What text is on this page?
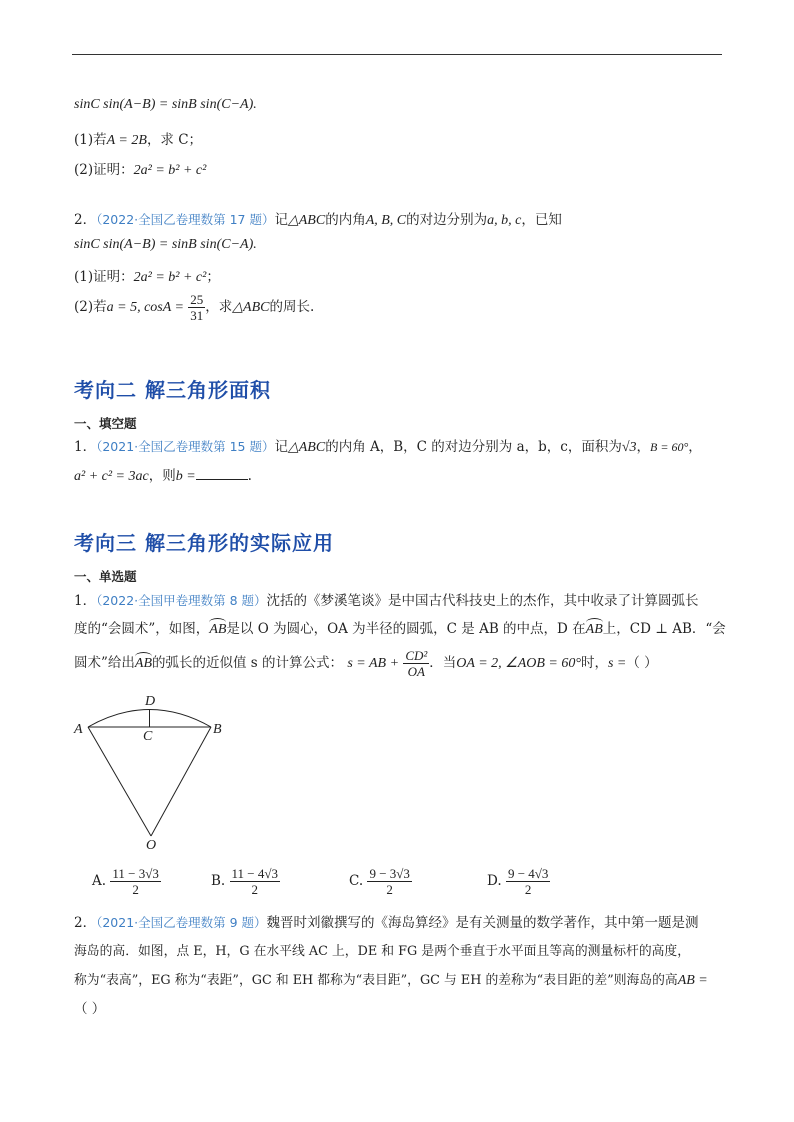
sinC sin(A−B) = sinB sin(C−A).
(1)若A = 2B，求 C；
(2)证明：2a² = b² + c²
2．（2022·全国乙卷理数第 17 题）记△ABC的内角A, B, C的对边分别为a, b, c，已知
sinC sin(A−B) = sinB sin(C−A).
(1)证明：2a² = b² + c²；
(2)若a = 5, $\cos A = \frac{25}{31}$ ，求△ABC的周长.
考向二 解三角形面积
一、填空题
1．（2021·全国乙卷理数第 15 题）记△ABC的内角 A，B，C 的对边分别为 a，b，c，面积为√3，B = 60°，
a² + c² = 3ac，则b =	.
考向三 解三角形的实际应用
一、单选题
1．（2022·全国甲卷理数第 8 题）沈括的《梦溪笔谈》是中国古代科技史上的杰作，其中收录了计算圆弧长
度的“会圆术”，如图，AB是以 O 为圆心，OA 为半径的圆弧，C 是 AB 的中点，D 在AB上，CD ⊥ AB．“会
圆术”给出AB的弧长的近似值 s 的计算公式： s = AB + $\frac{\text{CD²}}{OA}$ ．当OA = 2, ∠AOB = 60°时，s =（ ）
A	B
C
D
O
A. $\frac{11 - 3√3}{2}$	B. $\frac{11 - 4√3}{2}$	C. $\frac{9 - 3√3}{2}$	D. $\frac{9 - 4√3}{2}$
2．（2021·全国乙卷理数第 9 题）魏晋时刘徽撰写的《海岛算经》是有关测量的数学著作，其中第一题是测
海岛的高．如图，点 E，H，G 在水平线 AC 上，DE 和 FG 是两个垂直于水平面且等高的测量标杆的高度，
称为“表高”，EG 称为“表距”，GC 和 EH 都称为“表目距”，GC 与 EH 的差称为“表目距的差”则海岛的高AB =
（ ）
